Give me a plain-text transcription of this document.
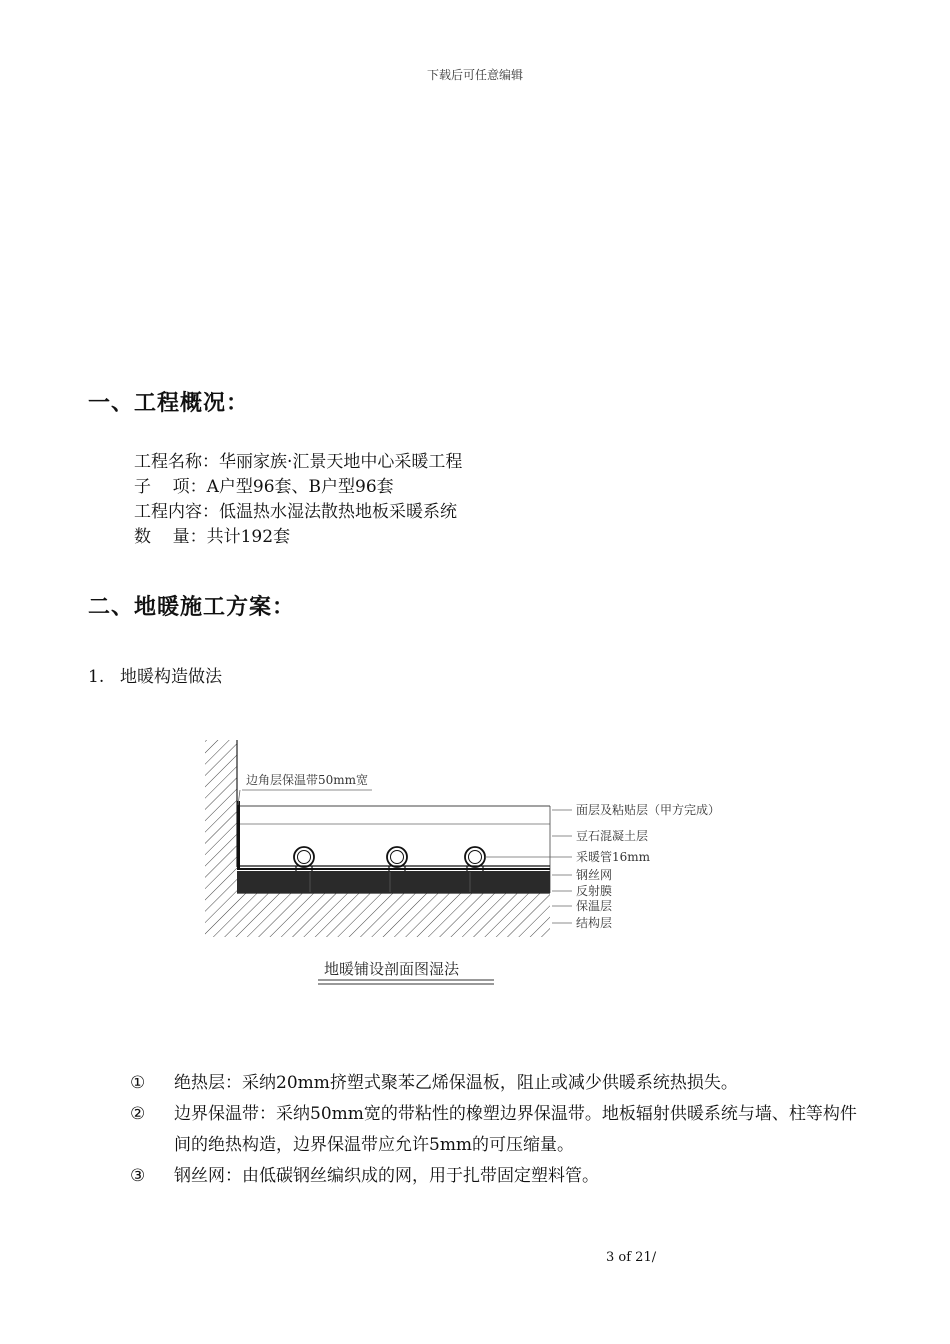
下载后可任意编辑
一、工程概况：
工程名称：华丽家族·汇景天地中心采暖工程
子    项：A户型96套、B户型96套
工程内容：低温热水湿法散热地板采暖系统
数    量：共计192套
二、地暖施工方案：
1. 地暖构造做法
边角层保温带50mm宽
面层及粘贴层（甲方完成）
豆石混凝土层
采暖管16mm
钢丝网
反射膜
保温层
结构层
地暖铺设剖面图湿法
①	绝热层：采纳20mm挤塑式聚苯乙烯保温板，阻止或减少供暖系统热损失。
②	边界保温带：采纳50mm宽的带粘性的橡塑边界保温带。地板辐射供暖系统与墙、柱等构件间的绝热构造，边界保温带应允许5mm的可压缩量。
③	钢丝网：由低碳钢丝编织成的网，用于扎带固定塑料管。
3 of 21/
